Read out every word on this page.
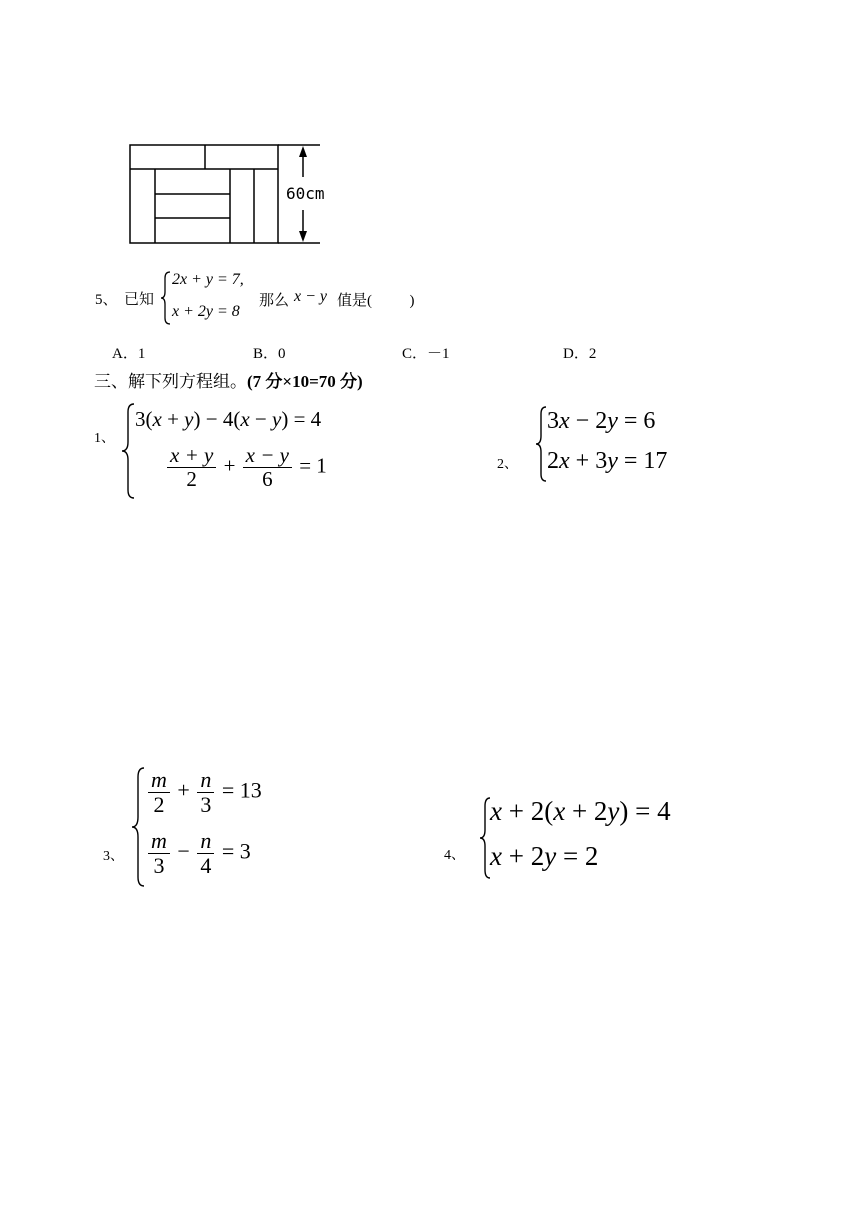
60cm
5、 已知
2x + y = 7,
x + 2y = 8
那么 x − y 值是(          )
A．1	B．0	C．－1	D．2
三、解下列方程组。(7 分×10=70 分)
1、
3(x + y) − 4(x − y) = 4
$\frac{x + y}{2} + \frac{x - y}{6} = 1$	2、
3x − 2y = 6
2x + 3y = 17
3、
$\frac{m}{2} + \frac{n}{3} = 13$
$\frac{m}{3} - \frac{n}{4} = 3$	4、
x + 2(x + 2y) = 4
x + 2y = 2
